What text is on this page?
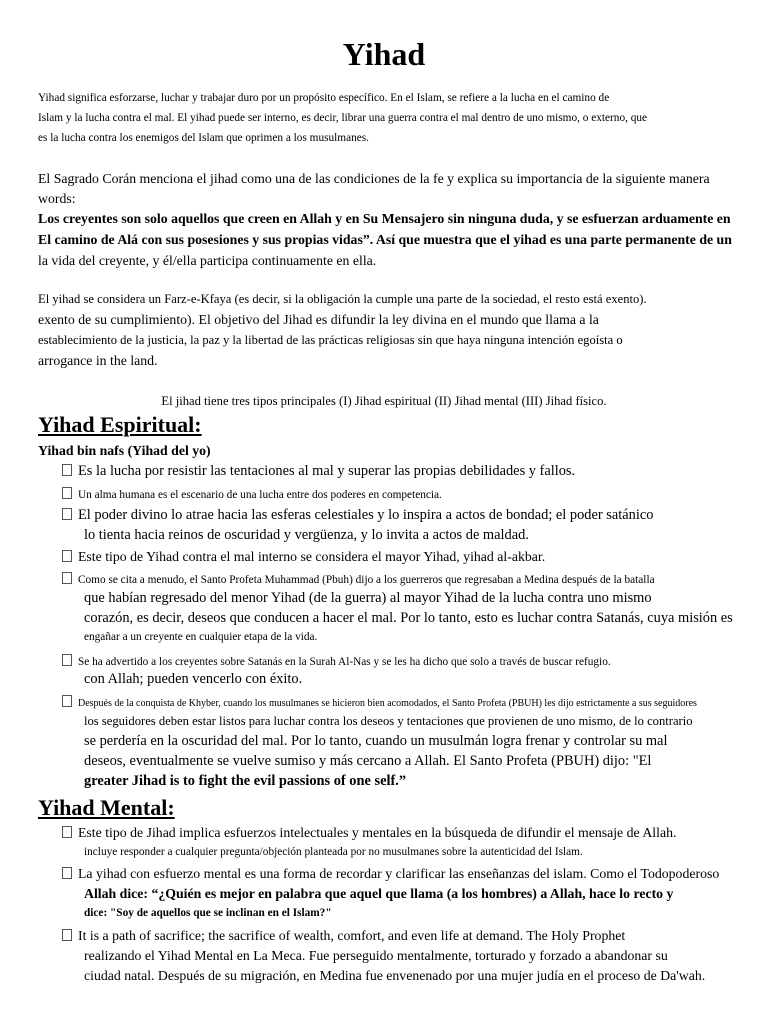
Yihad

Yihad significa esforzarse, luchar y trabajar duro por un propósito específico. En el Islam, se refiere a la lucha en el camino de

Islam y la lucha contra el mal. El yihad puede ser interno, es decir, librar una guerra contra el mal dentro de uno mismo, o externo, que

es la lucha contra los enemigos del Islam que oprimen a los musulmanes.

El Sagrado Corán menciona el jihad como una de las condiciones de la fe y explica su importancia de la siguiente manera

words:

Los creyentes son solo aquellos que creen en Allah y en Su Mensajero sin ninguna duda, y se esfuerzan arduamente en

El camino de Alá con sus posesiones y sus propias vidas”. Así que muestra que el yihad es una parte permanente de un

la vida del creyente, y él/ella participa continuamente en ella.

El yihad se considera un Farz-e-Kfaya (es decir, si la obligación la cumple una parte de la sociedad, el resto está exento).

exento de su cumplimiento). El objetivo del Jihad es difundir la ley divina en el mundo que llama a la

establecimiento de la justicia, la paz y la libertad de las prácticas religiosas sin que haya ninguna intención egoísta o

arrogance in the land.

El jihad tiene tres tipos principales (I) Jihad espiritual (II) Jihad mental (III) Jihad físico.

Yihad Espiritual:

Yihad bin nafs (Yihad del yo)

Es la lucha por resistir las tentaciones al mal y superar las propias debilidades y fallos.

Un alma humana es el escenario de una lucha entre dos poderes en competencia.

El poder divino lo atrae hacia las esferas celestiales y lo inspira a actos de bondad; el poder satánico

lo tienta hacia reinos de oscuridad y vergüenza, y lo invita a actos de maldad.

Este tipo de Yihad contra el mal interno se considera el mayor Yihad, yihad al-akbar.

Como se cita a menudo, el Santo Profeta Muhammad (Pbuh) dijo a los guerreros que regresaban a Medina después de la batalla

que habían regresado del menor Yihad (de la guerra) al mayor Yihad de la lucha contra uno mismo

corazón, es decir, deseos que conducen a hacer el mal. Por lo tanto, esto es luchar contra Satanás, cuya misión es

engañar a un creyente en cualquier etapa de la vida.

Se ha advertido a los creyentes sobre Satanás en la Surah Al-Nas y se les ha dicho que solo a través de buscar refugio.

con Allah; pueden vencerlo con éxito.

Después de la conquista de Khyber, cuando los musulmanes se hicieron bien acomodados, el Santo Profeta (PBUH) les dijo estrictamente a sus seguidores

los seguidores deben estar listos para luchar contra los deseos y tentaciones que provienen de uno mismo, de lo contrario

se perdería en la oscuridad del mal. Por lo tanto, cuando un musulmán logra frenar y controlar su mal

deseos, eventualmente se vuelve sumiso y más cercano a Allah. El Santo Profeta (PBUH) dijo: "El

greater Jihad is to fight the evil passions of one self.”

Yihad Mental:

Este tipo de Jihad implica esfuerzos intelectuales y mentales en la búsqueda de difundir el mensaje de Allah.

incluye responder a cualquier pregunta/objeción planteada por no musulmanes sobre la autenticidad del Islam.

La yihad con esfuerzo mental es una forma de recordar y clarificar las enseñanzas del islam. Como el Todopoderoso

Allah dice: “¿Quién es mejor en palabra que aquel que llama (a los hombres) a Allah, hace lo recto y

dice: "Soy de aquellos que se inclinan en el Islam?"

It is a path of sacrifice; the sacrifice of wealth, comfort, and even life at demand. The Holy Prophet

realizando el Yihad Mental en La Meca. Fue perseguido mentalmente, torturado y forzado a abandonar su

ciudad natal. Después de su migración, en Medina fue envenenado por una mujer judía en el proceso de Da'wah.
